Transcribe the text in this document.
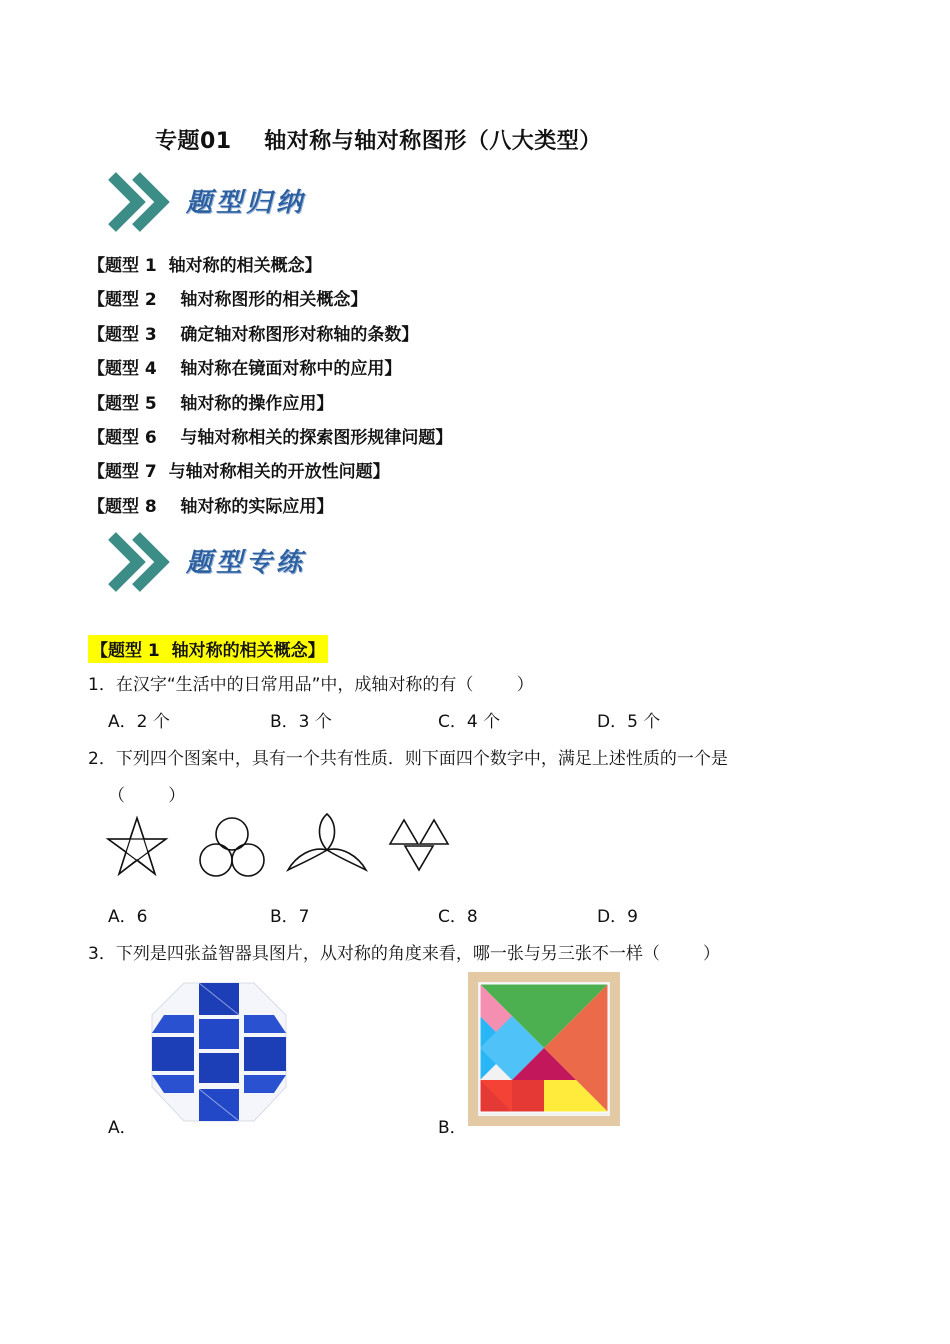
专题01    轴对称与轴对称图形（八大类型）
题型归纳
【题型 1  轴对称的相关概念】
【题型 2    轴对称图形的相关概念】
【题型 3    确定轴对称图形对称轴的条数】
【题型 4    轴对称在镜面对称中的应用】
【题型 5    轴对称的操作应用】
【题型 6    与轴对称相关的探索图形规律问题】
【题型 7  与轴对称相关的开放性问题】
【题型 8    轴对称的实际应用】
题型专练
【题型 1  轴对称的相关概念】
1．在汉字“生活中的日常用品”中，成轴对称的有（        ）
A．2 个	B．3 个	C．4 个	D．5 个
2．下列四个图案中，具有一个共有性质．则下面四个数字中，满足上述性质的一个是
（        ）
A．6	B．7	C．8	D．9
3．下列是四张益智器具图片，从对称的角度来看，哪一张与另三张不一样（        ）
A．	B．
